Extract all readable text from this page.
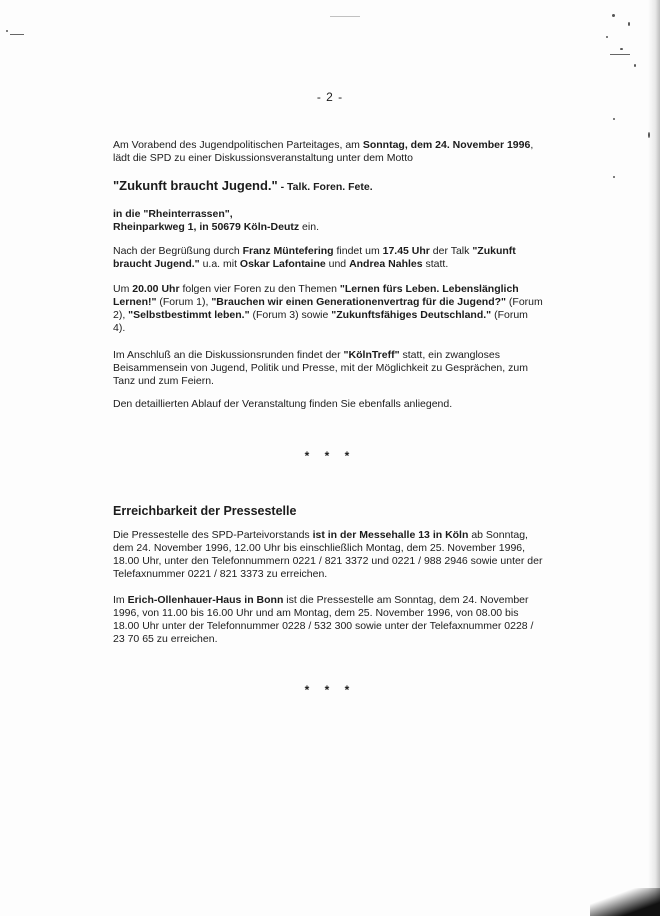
- 2 -
Am Vorabend des Jugendpolitischen Parteitages, am Sonntag, dem 24. November 1996, lädt die SPD zu einer Diskussionsveranstaltung unter dem Motto
"Zukunft braucht Jugend." - Talk. Foren. Fete.
in die "Rheinterrassen",
Rheinparkweg 1, in 50679 Köln-Deutz ein.
Nach der Begrüßung durch Franz Müntefering findet um 17.45 Uhr der Talk "Zukunft braucht Jugend." u.a. mit Oskar Lafontaine und Andrea Nahles statt.
Um 20.00 Uhr folgen vier Foren zu den Themen "Lernen fürs Leben. Lebenslänglich Lernen!" (Forum 1), "Brauchen wir einen Generationenvertrag für die Jugend?" (Forum 2), "Selbstbestimmt leben." (Forum 3) sowie "Zukunftsfähiges Deutschland." (Forum 4).
Im Anschluß an die Diskussionsrunden findet der "KölnTreff" statt, ein zwangloses Beisammensein von Jugend, Politik und Presse, mit der Möglichkeit zu Gesprächen, zum Tanz und zum Feiern.
Den detaillierten Ablauf der Veranstaltung finden Sie ebenfalls anliegend.
* * *
Erreichbarkeit der Pressestelle
Die Pressestelle des SPD-Parteivorstands ist in der Messehalle 13 in Köln ab Sonntag, dem 24. November 1996, 12.00 Uhr bis einschließlich Montag, dem 25. November 1996, 18.00 Uhr, unter den Telefonnummern 0221 / 821 3372 und 0221 / 988 2946 sowie unter der Telefaxnummer 0221 / 821 3373 zu erreichen.
Im Erich-Ollenhauer-Haus in Bonn ist die Pressestelle am Sonntag, dem 24. November 1996, von 11.00 bis 16.00 Uhr und am Montag, dem 25. November 1996, von 08.00 bis 18.00 Uhr unter der Telefonnummer 0228 / 532 300 sowie unter der Telefaxnummer 0228 / 23 70 65 zu erreichen.
* * *
